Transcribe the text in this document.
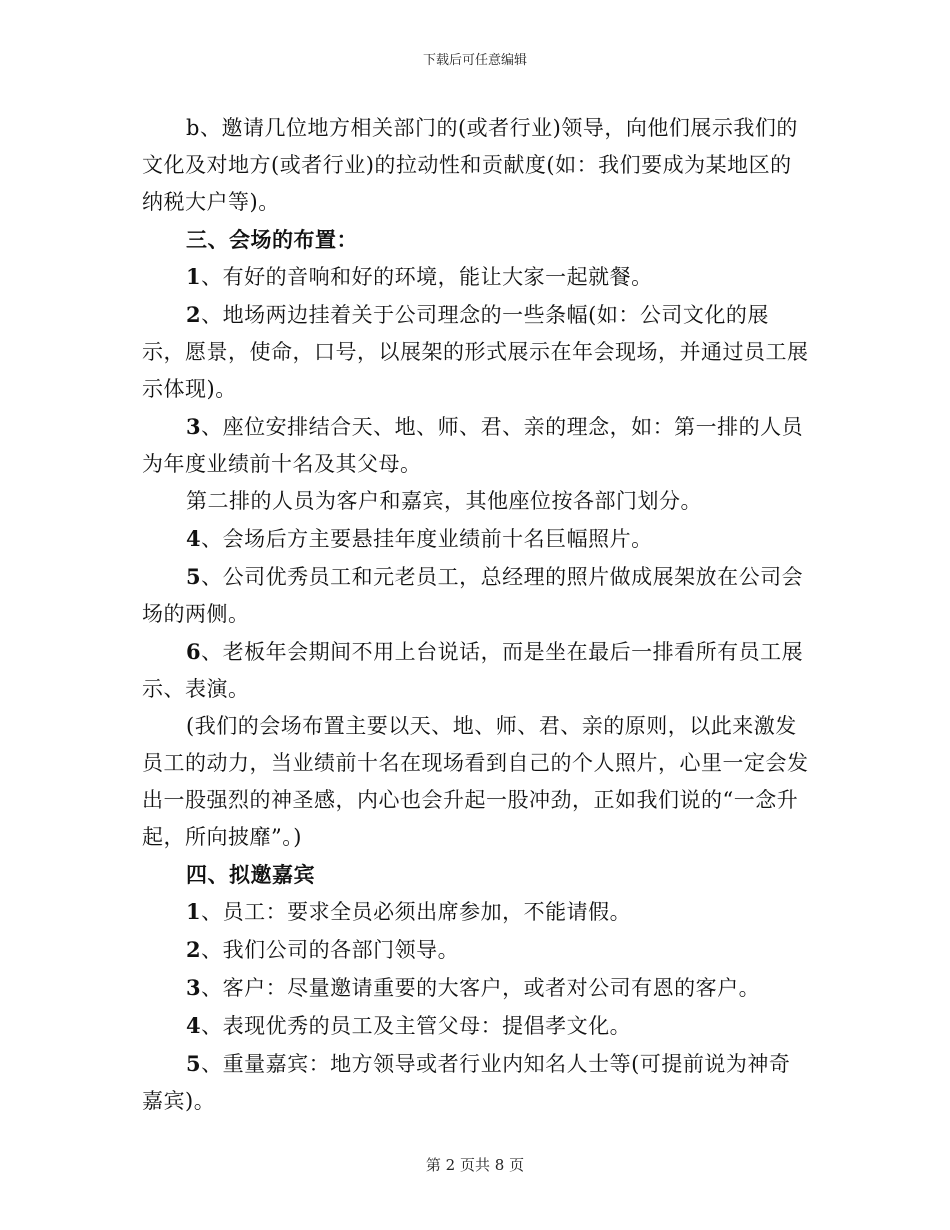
下载后可任意编辑

b、邀请几位地方相关部门的(或者行业)领导，向他们展示我们的文化及对地方(或者行业)的拉动性和贡献度(如：我们要成为某地区的纳税大户等)。

三、会场的布置：

1、有好的音响和好的环境，能让大家一起就餐。

2、地场两边挂着关于公司理念的一些条幅(如：公司文化的展示，愿景，使命，口号，以展架的形式展示在年会现场，并通过员工展示体现)。

3、座位安排结合天、地、师、君、亲的理念，如：第一排的人员为年度业绩前十名及其父母。

第二排的人员为客户和嘉宾，其他座位按各部门划分。

4、会场后方主要悬挂年度业绩前十名巨幅照片。

5、公司优秀员工和元老员工，总经理的照片做成展架放在公司会场的两侧。

6、老板年会期间不用上台说话，而是坐在最后一排看所有员工展示、表演。

(我们的会场布置主要以天、地、师、君、亲的原则，以此来激发员工的动力，当业绩前十名在现场看到自己的个人照片，心里一定会发出一股强烈的神圣感，内心也会升起一股冲劲，正如我们说的“一念升起，所向披靡”。)

四、拟邀嘉宾

1、员工：要求全员必须出席参加，不能请假。

2、我们公司的各部门领导。

3、客户：尽量邀请重要的大客户，或者对公司有恩的客户。

4、表现优秀的员工及主管父母：提倡孝文化。

5、重量嘉宾：地方领导或者行业内知名人士等(可提前说为神奇嘉宾)。

第 2 页共 8 页
